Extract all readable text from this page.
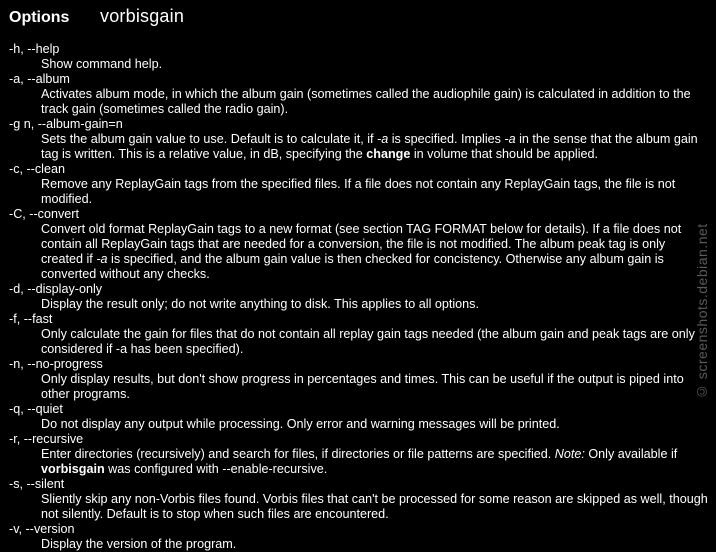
Options	vorbisgain
-h, --help
Show command help.
-a, --album
Activates album mode, in which the album gain (sometimes called the audiophile gain) is calculated in addition to the track gain (sometimes called the radio gain).
-g n, --album-gain=n
Sets the album gain value to use. Default is to calculate it, if -a is specified. Implies -a in the sense that the album gain tag is written. This is a relative value, in dB, specifying the change in volume that should be applied.
-c, --clean
Remove any ReplayGain tags from the specified files. If a file does not contain any ReplayGain tags, the file is not modified.
-C, --convert
Convert old format ReplayGain tags to a new format (see section TAG FORMAT below for details). If a file does not contain all ReplayGain tags that are needed for a conversion, the file is not modified. The album peak tag is only created if -a is specified, and the album gain value is then checked for concistency. Otherwise any album gain is converted without any checks.
-d, --display-only
Display the result only; do not write anything to disk. This applies to all options.
-f, --fast
Only calculate the gain for files that do not contain all replay gain tags needed (the album gain and peak tags are only considered if -a has been specified).
-n, --no-progress
Only display results, but don't show progress in percentages and times. This can be useful if the output is piped into other programs.
-q, --quiet
Do not display any output while processing. Only error and warning messages will be printed.
-r, --recursive
Enter directories (recursively) and search for files, if directories or file patterns are specified. Note: Only available if vorbisgain was configured with --enable-recursive.
-s, --silent
Sliently skip any non-Vorbis files found. Vorbis files that can't be processed for some reason are skipped as well, though not silently. Default is to stop when such files are encountered.
-v, --version
Display the version of the program.
© screenshots.debian.net
